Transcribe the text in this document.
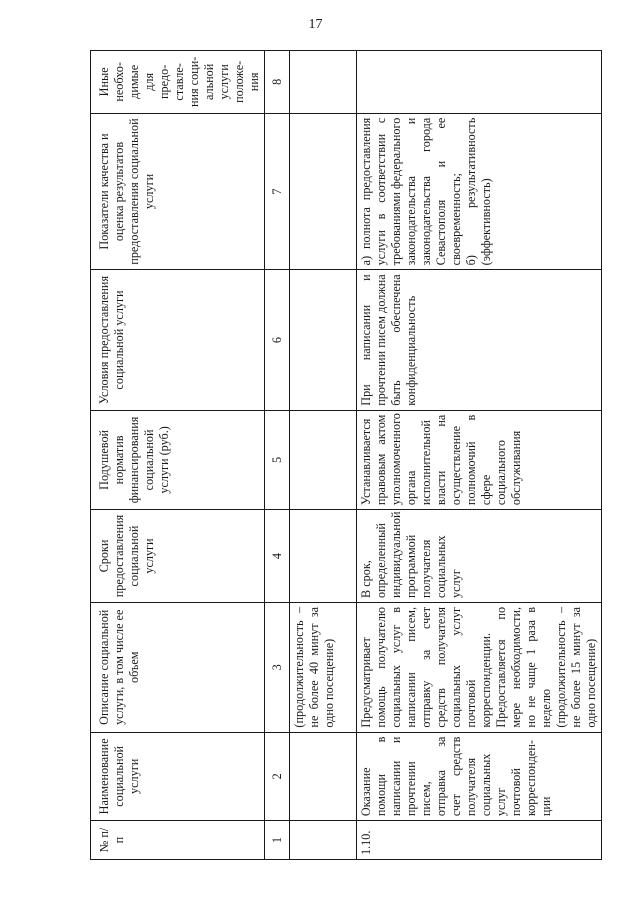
17
№ п/п	Наименование социальной услуги	Описание социальной услуги, в том числе ее объем	Сроки предоставления социальной услуги	Подушевой норматив финансирования социальной услуги (руб.)	Условия предоставления социальной услуги	Показатели качества и оценка результатов предоставления социальной услуги	Иные необхо-димые для предо-ставле-ния соци-альной услуги положе-ния
1	2	3	4	5	6	7	8
		(продолжительность – не более 40 минут за одно посещение)					
1.10.	Оказание помощи в написании и прочтении писем, отправка за счет средств получателя социальных услуг почтовой корреспонден-ции	Предусматривает помощь получателю социальных услуг в написании писем, отправку за счет средств получателя социальных услуг почтовой корреспонденции. Предоставляется по мере необходимости, но не чаще 1 раза в неделю (продолжительность – не более 15 минут за одно посещение)	В срок, определенный индивидуальной программой получателя социальных услуг	Устанавливается правовым актом уполномоченного органа исполнительной власти на осуществление полномочий в сфере социального обслуживания	При написании и прочтении писем должна быть обеспечена конфиденциальность	а) полнота предоставления услуги в соответствии с требованиями федерального законодательства и законодательства города Севастополя и ее своевременность; б) результативность (эффективность)	
